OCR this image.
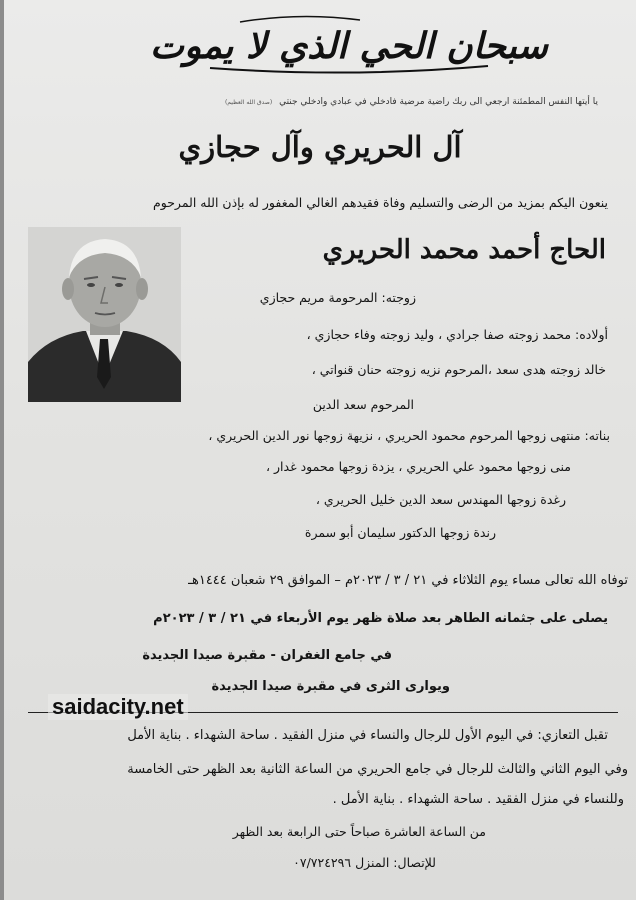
سبحان الحي الذي لا يموت
يا أيتها النفس المطمئنة ارجعي الى ربك راضية مرضية فادخلي في عبادي وادخلي جنتي (صدق الله العظيم)
آل الحريري وآل حجازي
ينعون اليكم بمزيد من الرضى والتسليم وفاة فقيدهم الغالي المغفور له بإذن الله المرحوم
الحاج أحمد محمد الحريري
زوجته: المرحومة مريم حجازي
أولاده: محمد زوجته صفا جرادي ، وليد زوجته وفاء حجازي ،
خالد زوجته هدى سعد ،المرحوم نزيه زوجته حنان قنواتي ،
المرحوم سعد الدين
بناته: منتهى زوجها المرحوم محمود الحريري ، نزيهة زوجها نور الدين الحريري ،
منى زوجها محمود علي الحريري ، يزدة زوجها محمود غدار ،
رغدة زوجها المهندس سعد الدين خليل الحريري ،
رندة زوجها الدكتور سليمان أبو سمرة
توفاه الله تعالى مساء يوم الثلاثاء في ٢١ / ٣ / ٢٠٢٣م – الموافق ٢٩ شعبان ١٤٤٤هـ
يصلى على جثمانه الطاهر بعد صلاة ظهر يوم الأربعاء في ٢١ / ٣ / ٢٠٢٣م
في جامع الغفران - مقبرة صيدا الجديدة
ويوارى الثرى في مقبرة صيدا الجديدة
saidacity.net
تقبل التعازي: في اليوم الأول للرجال والنساء في منزل الفقيد . ساحة الشهداء . بناية الأمل
وفي اليوم الثاني والثالث للرجال في جامع الحريري من الساعة الثانية بعد الظهر حتى الخامسة
وللنساء في منزل الفقيد . ساحة الشهداء . بناية الأمل .
من الساعة العاشرة صباحاً حتى الرابعة بعد الظهر
للإتصال: المنزل ٠٧/٧٢٤٢٩٦
